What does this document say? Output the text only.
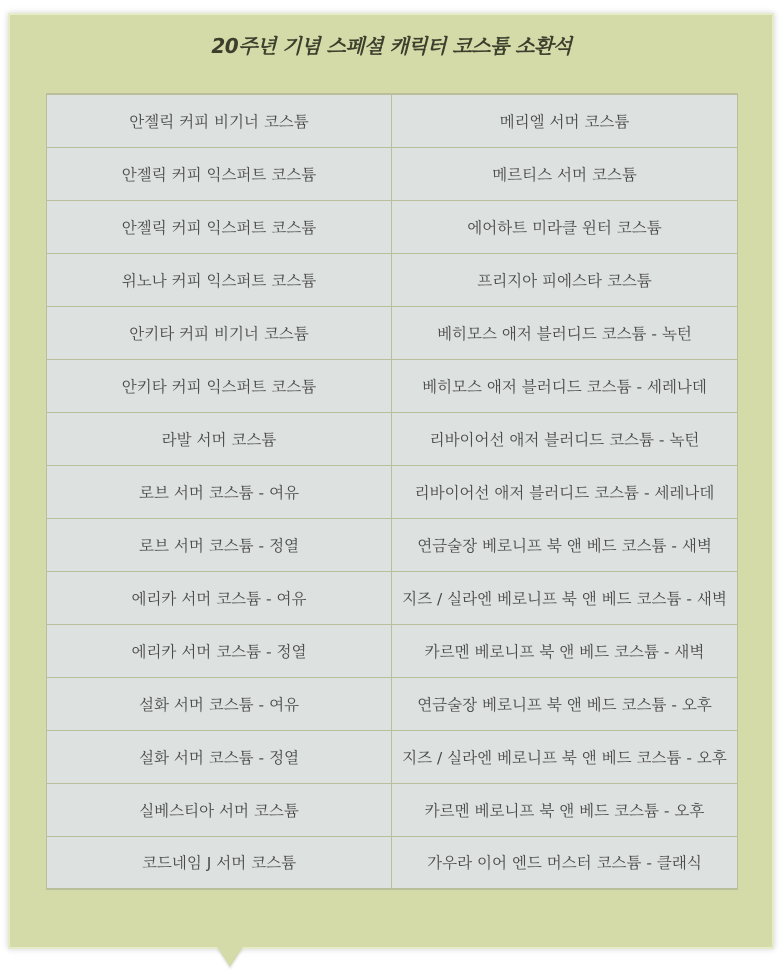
20주년 기념 스페셜 캐릭터 코스튬 소환석
안젤릭 커피 비기너 코스튬	메리엘 서머 코스튬
안젤릭 커피 익스퍼트 코스튬	메르티스 서머 코스튬
안젤릭 커피 익스퍼트 코스튬	에어하트 미라클 윈터 코스튬
위노나 커피 익스퍼트 코스튬	프리지아 피에스타 코스튬
안키타 커피 비기너 코스튬	베히모스 애저 블러디드 코스튬 - 녹턴
안키타 커피 익스퍼트 코스튬	베히모스 애저 블러디드 코스튬 - 세레나데
라발 서머 코스튬	리바이어선 애저 블러디드 코스튬 - 녹턴
로브 서머 코스튬 - 여유	리바이어선 애저 블러디드 코스튬 - 세레나데
로브 서머 코스튬 - 정열	연금술장 베로니프 북 앤 베드 코스튬 - 새벽
에리카 서머 코스튬 - 여유	지즈 / 실라엔 베로니프 북 앤 베드 코스튬 - 새벽
에리카 서머 코스튬 - 정열	카르멘 베로니프 북 앤 베드 코스튬 - 새벽
설화 서머 코스튬 - 여유	연금술장 베로니프 북 앤 베드 코스튬 - 오후
설화 서머 코스튬 - 정열	지즈 / 실라엔 베로니프 북 앤 베드 코스튬 - 오후
실베스티아 서머 코스튬	카르멘 베로니프 북 앤 베드 코스튬 - 오후
코드네임 J 서머 코스튬	가우라 이어 엔드 머스터 코스튬 - 클래식
